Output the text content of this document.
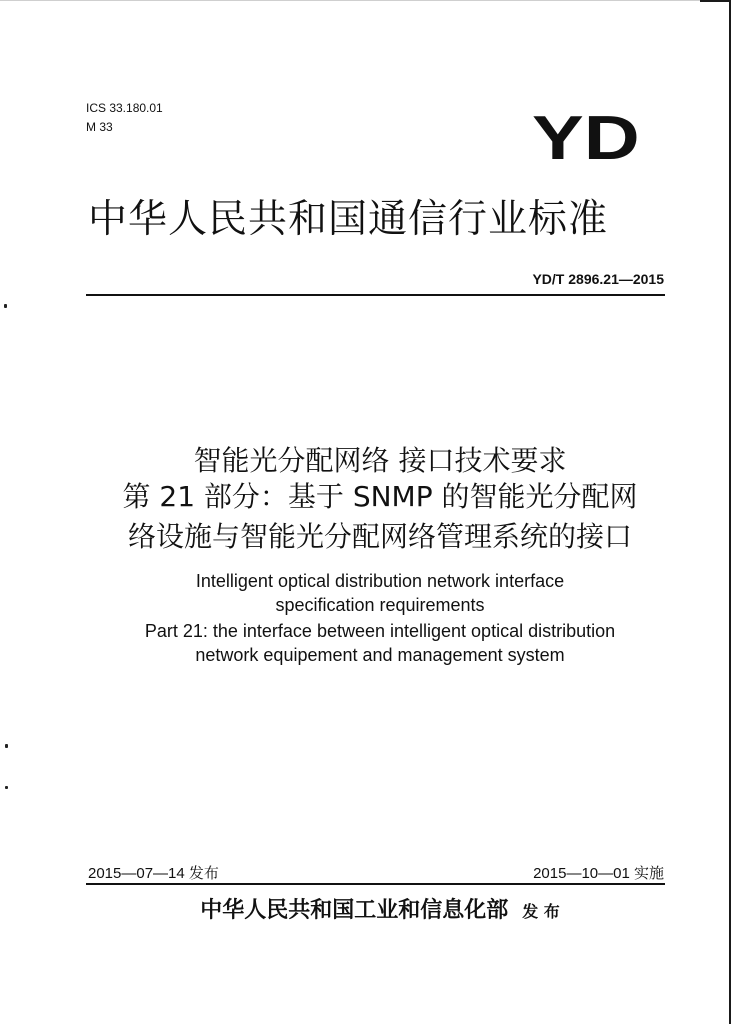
ICS 33.180.01
M 33	YD
中华人民共和国通信行业标准
YD/T 2896.21—2015
智能光分配网络 接口技术要求
第 21 部分：基于 SNMP 的智能光分配网
络设施与智能光分配网络管理系统的接口
Intelligent optical distribution network interface
specification requirements
Part 21: the interface between intelligent optical distribution
network equipement and management system
2015—07—14 发布	2015—10—01 实施
中华人民共和国工业和信息化部 发 布
